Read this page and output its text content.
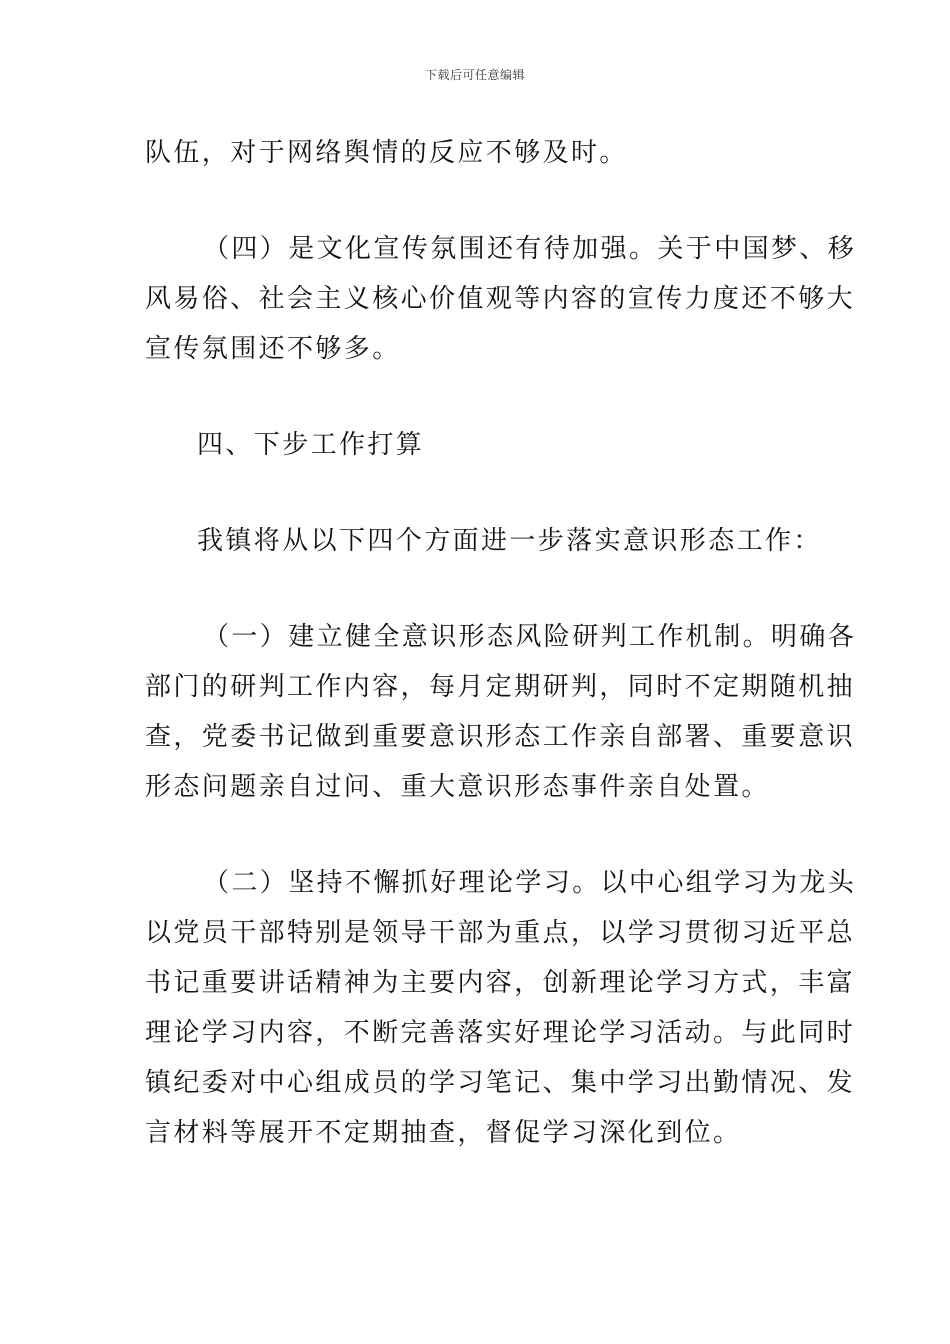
下载后可任意编辑

队伍，对于网络舆情的反应不够及时。

（四）是文化宣传氛围还有待加强。关于中国梦、移
风易俗、社会主义核心价值观等内容的宣传力度还不够大
宣传氛围还不够多。

四、下步工作打算

我镇将从以下四个方面进一步落实意识形态工作：

（一）建立健全意识形态风险研判工作机制。明确各
部门的研判工作内容，每月定期研判，同时不定期随机抽
查，党委书记做到重要意识形态工作亲自部署、重要意识
形态问题亲自过问、重大意识形态事件亲自处置。

（二）坚持不懈抓好理论学习。以中心组学习为龙头
以党员干部特别是领导干部为重点，以学习贯彻习近平总
书记重要讲话精神为主要内容，创新理论学习方式，丰富
理论学习内容，不断完善落实好理论学习活动。与此同时
镇纪委对中心组成员的学习笔记、集中学习出勤情况、发
言材料等展开不定期抽查，督促学习深化到位。
